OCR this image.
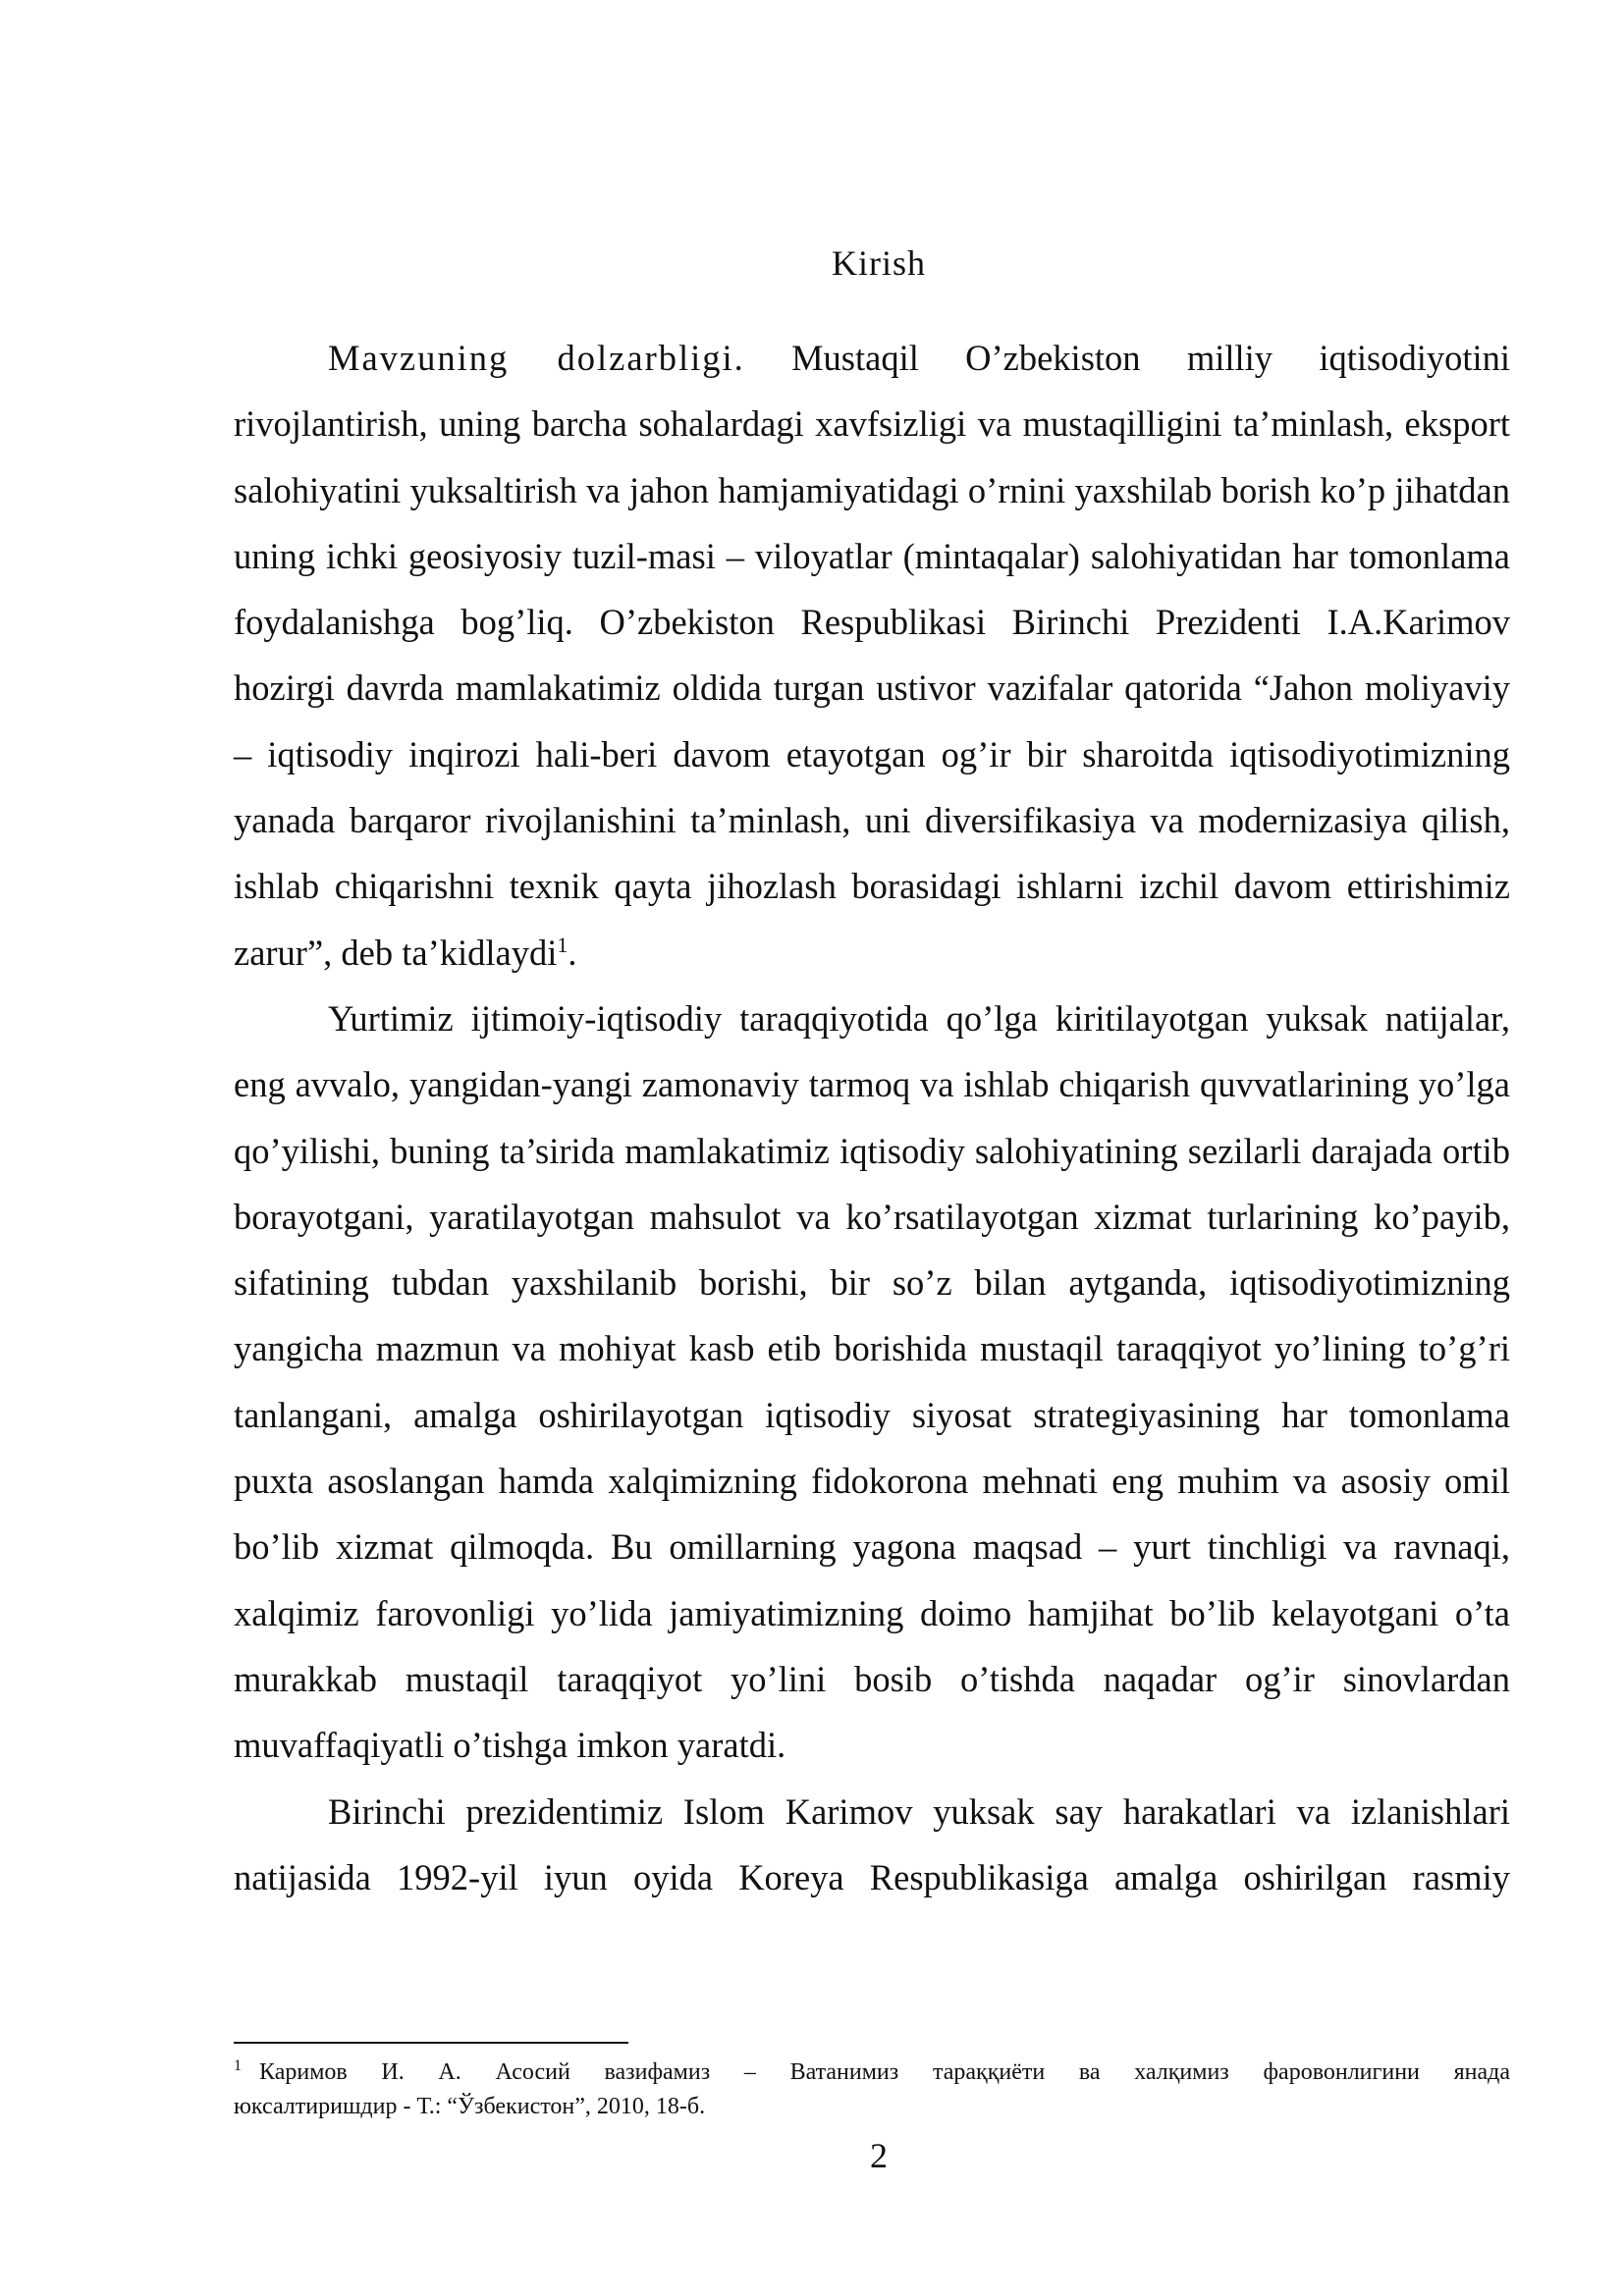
Kirish

Mavzuning dolzarbligi. Mustaqil O’zbekiston milliy iqtisodiyotini rivojlantirish, uning barcha sohalardagi xavfsizligi va mustaqilligini ta’minlash, eksport salohiyatini yuksaltirish va jahon hamjamiyatidagi o’rnini yaxshilab borish ko’p jihatdan uning ichki geosiyosiy tuzil-masi – viloyatlar (mintaqalar) salohiyatidan har tomonlama foydalanishga bog’liq. O’zbekiston Respublikasi Birinchi Prezidenti I.A.Karimov hozirgi davrda mamlakatimiz oldida turgan ustivor vazifalar qatorida “Jahon moliyaviy – iqtisodiy inqirozi hali-beri davom etayotgan og’ir bir sharoitda iqtisodiyotimizning yanada barqaror rivojlanishini ta’minlash, uni diversifikasiya va modernizasiya qilish, ishlab chiqarishni texnik qayta jihozlash borasidagi ishlarni izchil davom ettirishimiz zarur”, deb ta’kidlaydi$^1$.

Yurtimiz ijtimoiy-iqtisodiy taraqqiyotida qo’lga kiritilayotgan yuksak natijalar, eng avvalo, yangidan-yangi zamonaviy tarmoq va ishlab chiqarish quvvatlarining yo’lga qo’yilishi, buning ta’sirida mamlakatimiz iqtisodiy salohiyatining sezilarli darajada ortib borayotgani, yaratilayotgan mahsulot va ko’rsatilayotgan xizmat turlarining ko’payib, sifatining tubdan yaxshilanib borishi, bir so’z bilan aytganda, iqtisodiyotimizning yangicha mazmun va mohiyat kasb etib borishida mustaqil taraqqiyot yo’lining to’g’ri tanlangani, amalga oshirilayotgan iqtisodiy siyosat strategiyasining har tomonlama puxta asoslangan hamda xalqimizning fidokorona mehnati eng muhim va asosiy omil bo’lib xizmat qilmoqda. Bu omillarning yagona maqsad – yurt tinchligi va ravnaqi, xalqimiz farovonligi yo’lida jamiyatimizning doimo hamjihat bo’lib kelayotgani o’ta murakkab mustaqil taraqqiyot yo’lini bosib o’tishda naqadar og’ir sinovlardan muvaffaqiyatli o’tishga imkon yaratdi.

Birinchi prezidentimiz Islom Karimov yuksak say harakatlari va izlanishlari natijasida 1992-yil iyun oyida Koreya Respublikasiga amalga oshirilgan rasmiy

$^1$ Каримов И. А. Асосий вазифамиз – Ватанимиз тараққиёти ва халқимиз фаровонлигини янада
юксалтиришдир - Т.: “Ўзбекистон”, 2010, 18-б.

2
